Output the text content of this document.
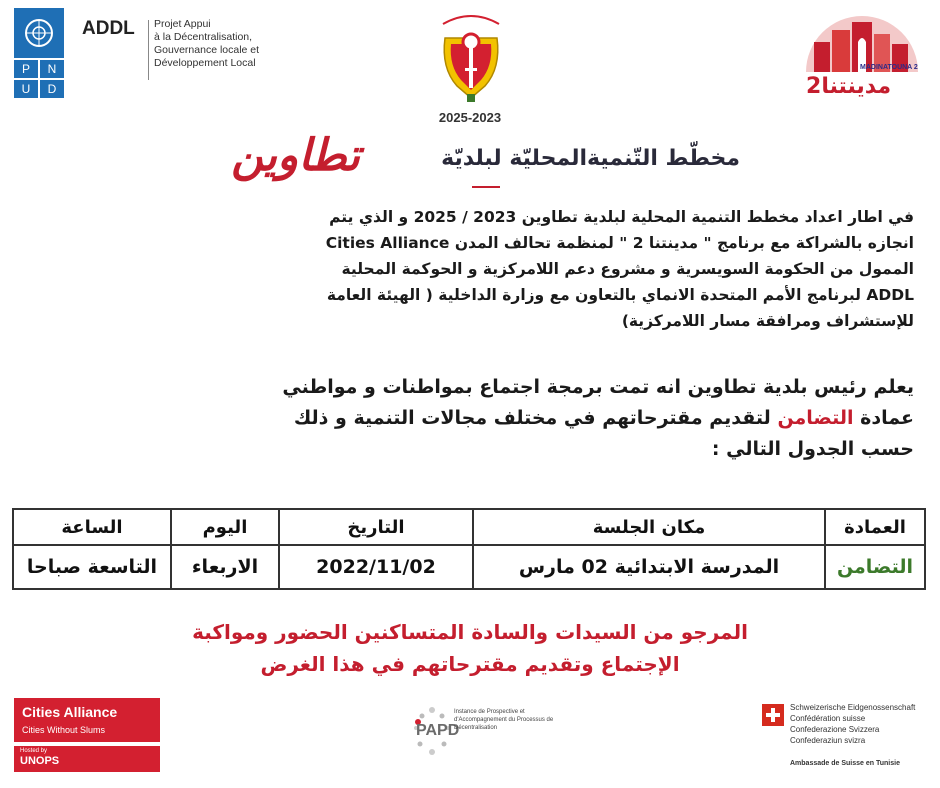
P	N
U	D
ADDL Projet Appui
à la Décentralisation,
Gouvernance locale et
Développement Local
2025-2023
تطاوين	مخطّط التّنميةالمحليّة لبلديّة
MADINATOUNA 2
مدينتنا2
في اطار اعداد مخطط التنمية المحلية لبلدية تطاوين 2023 / 2025 و الذي يتم
انجازه بالشراكة مع برنامج " مدينتنا 2 " لمنظمة تحالف المدن Cities Alliance
الممول من الحكومة السويسرية و مشروع دعم اللامركزية و الحوكمة المحلية
ADDL لبرنامج الأمم المتحدة الانماي بالتعاون مع وزارة الداخلية ( الهيئة العامة
للإستشراف ومرافقة مسار اللامركزية)
يعلم رئيس بلدية تطاوين انه تمت برمجة اجتماع بمواطنات و مواطني
عمادة التضامن لتقديم مقترحاتهم في مختلف مجالات التنمية و ذلك
حسب الجدول التالي :
العمادة	مكان الجلسة	التاريخ	اليوم	الساعة
التضامن	المدرسة الابتدائية 02 مارس	2022/11/02	الاربعاء	التاسعة صباحا
المرجو من السيدات والسادة المتساكنين الحضور ومواكبة
الإجتماع وتقديم مقترحاتهم في هذا الغرض
Cities Alliance
Cities Without Slums
Hosted by
UNOPS
PAPD
Instance de Prospective et d'Accompagnement du Processus de Décentralisation
Schweizerische Eidgenossenschaft
Confédération suisse
Confederazione Svizzera
Confederaziun svizra
Ambassade de Suisse en Tunisie
